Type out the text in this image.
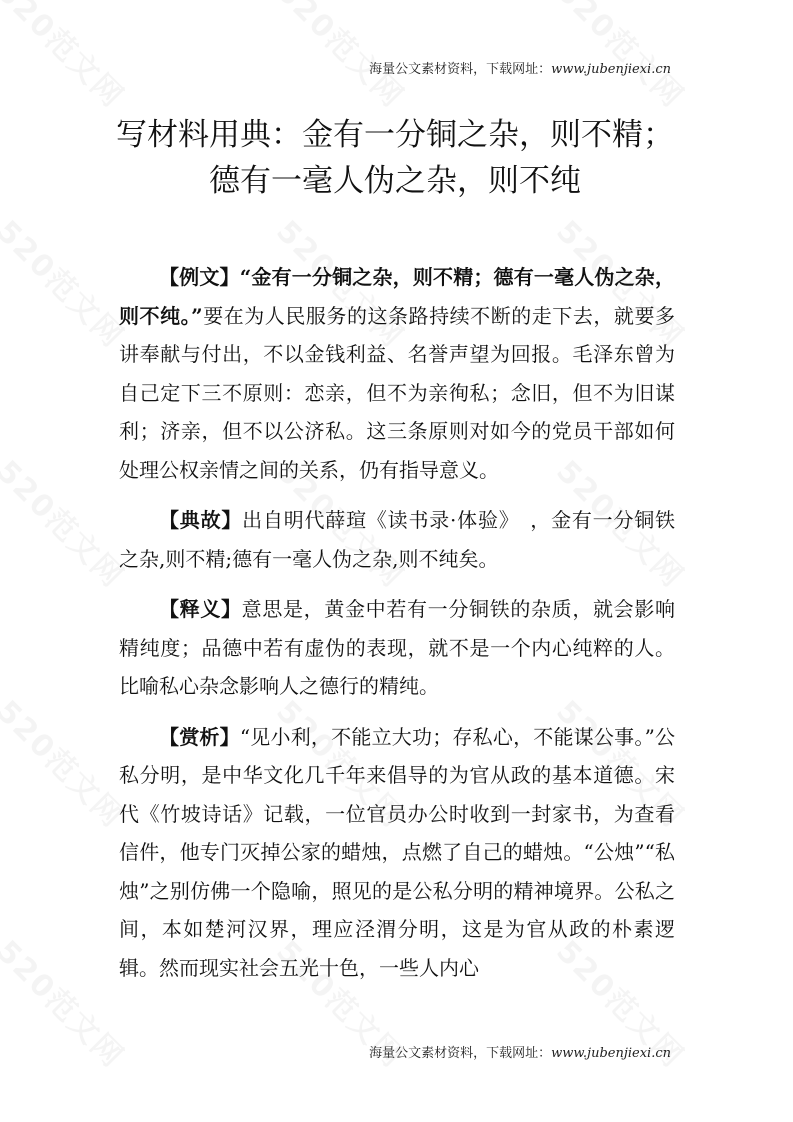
海量公文素材资料，下载网址：www.jubenjiexi.cn
写材料用典：金有一分铜之杂，则不精；德有一毫人伪之杂，则不纯

【例文】“金有一分铜之杂，则不精；德有一毫人伪之杂，则不纯。”要在为人民服务的这条路持续不断的走下去，就要多讲奉献与付出，不以金钱利益、名誉声望为回报。毛泽东曾为自己定下三不原则：恋亲，但不为亲徇私；念旧，但不为旧谋利；济亲，但不以公济私。这三条原则对如今的党员干部如何处理公权亲情之间的关系，仍有指导意义。

【典故】出自明代薛瑄《读书录·体验》　，金有一分铜铁之杂,则不精;德有一毫人伪之杂,则不纯矣。

【释义】意思是，黄金中若有一分铜铁的杂质，就会影响精纯度；品德中若有虚伪的表现，就不是一个内心纯粹的人。比喻私心杂念影响人之德行的精纯。

【赏析】“见小利，不能立大功；存私心，不能谋公事。”公私分明，是中华文化几千年来倡导的为官从政的基本道德。宋代《竹坡诗话》记载，一位官员办公时收到一封家书，为查看信件，他专门灭掉公家的蜡烛，点燃了自己的蜡烛。“公烛”“私烛”之别仿佛一个隐喻，照见的是公私分明的精神境界。公私之间，本如楚河汉界，理应泾渭分明，这是为官从政的朴素逻辑。然而现实社会五光十色，一些人内心

海量公文素材资料，下载网址：www.jubenjiexi.cn
